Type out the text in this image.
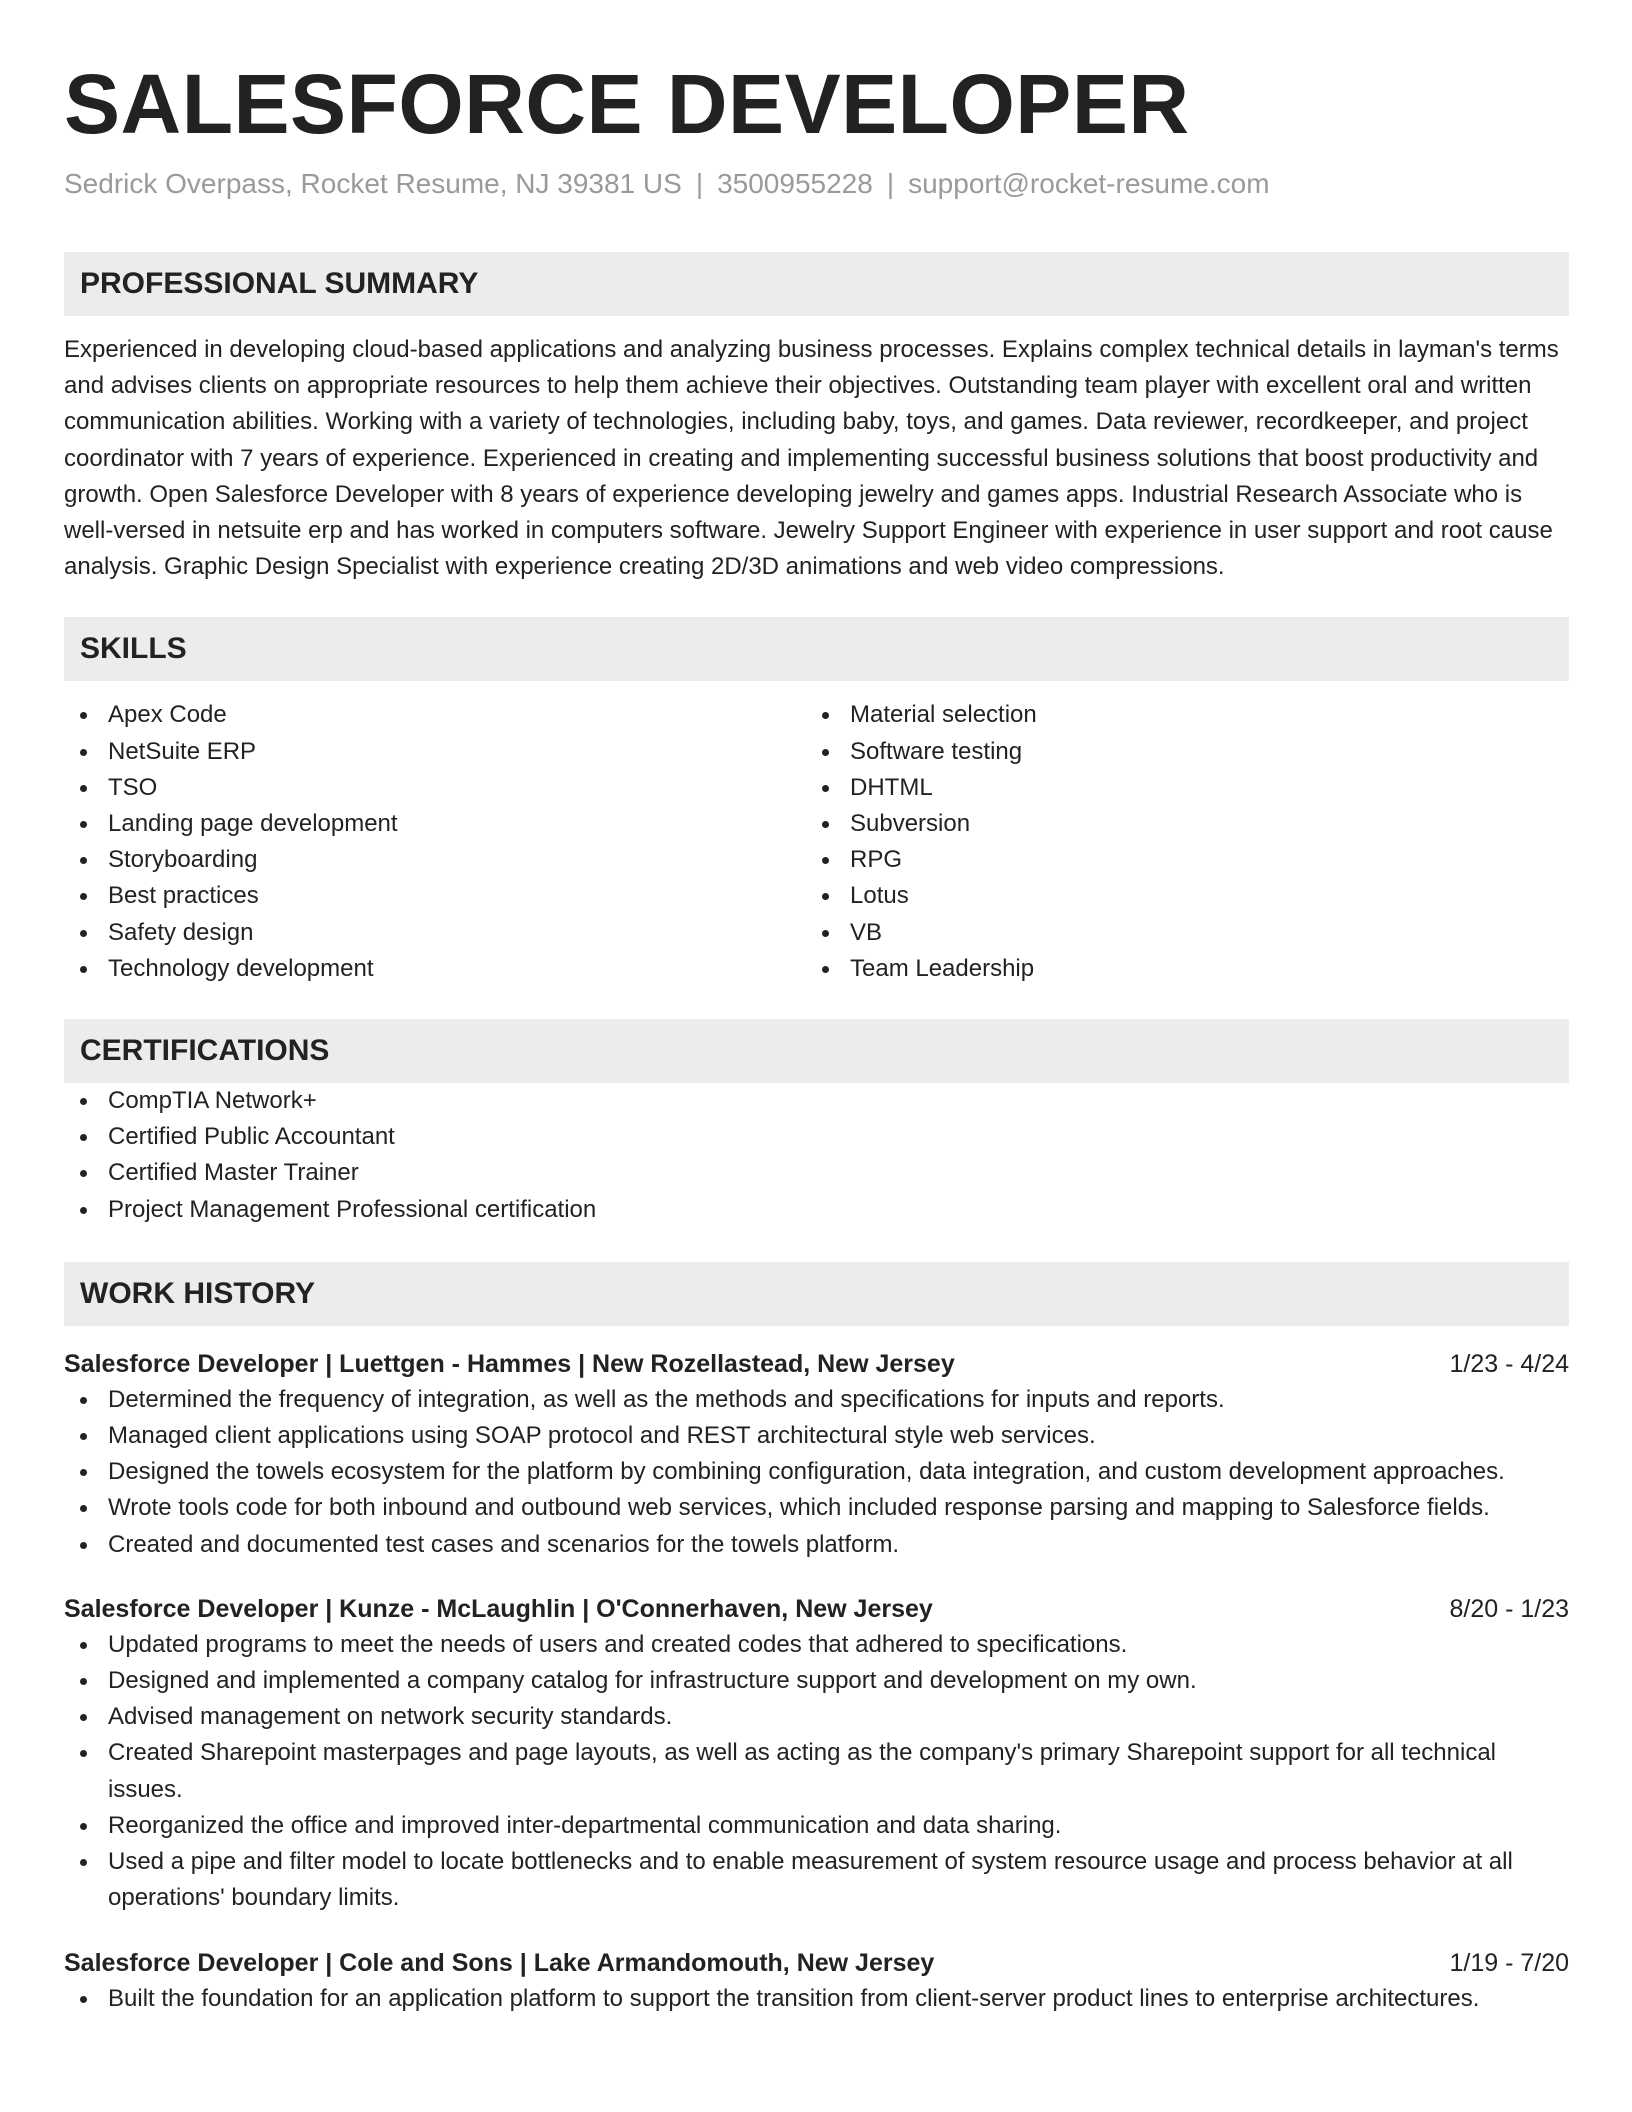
SALESFORCE DEVELOPER
Sedrick Overpass, Rocket Resume, NJ 39381 US | 3500955228 | support@rocket-resume.com
PROFESSIONAL SUMMARY

Experienced in developing cloud-based applications and analyzing business processes. Explains complex technical details in layman's terms and advises clients on appropriate resources to help them achieve their objectives. Outstanding team player with excellent oral and written communication abilities. Working with a variety of technologies, including baby, toys, and games. Data reviewer, recordkeeper, and project coordinator with 7 years of experience. Experienced in creating and implementing successful business solutions that boost productivity and growth. Open Salesforce Developer with 8 years of experience developing jewelry and games apps. Industrial Research Associate who is well-versed in netsuite erp and has worked in computers software. Jewelry Support Engineer with experience in user support and root cause analysis. Graphic Design Specialist with experience creating 2D/3D animations and web video compressions.

SKILLS
Apex Code
NetSuite ERP
TSO
Landing page development
Storyboarding
Best practices
Safety design
Technology development
Material selection
Software testing
DHTML
Subversion
RPG
Lotus
VB
Team Leadership
CERTIFICATIONS
CompTIA Network+
Certified Public Accountant
Certified Master Trainer
Project Management Professional certification
WORK HISTORY
Salesforce Developer | Luettgen - Hammes | New Rozellastead, New Jersey	1/23 - 4/24
Determined the frequency of integration, as well as the methods and specifications for inputs and reports.
Managed client applications using SOAP protocol and REST architectural style web services.
Designed the towels ecosystem for the platform by combining configuration, data integration, and custom development approaches.
Wrote tools code for both inbound and outbound web services, which included response parsing and mapping to Salesforce fields.
Created and documented test cases and scenarios for the towels platform.
Salesforce Developer | Kunze - McLaughlin | O'Connerhaven, New Jersey	8/20 - 1/23
Updated programs to meet the needs of users and created codes that adhered to specifications.
Designed and implemented a company catalog for infrastructure support and development on my own.
Advised management on network security standards.
Created Sharepoint masterpages and page layouts, as well as acting as the company's primary Sharepoint support for all technical issues.
Reorganized the office and improved inter-departmental communication and data sharing.
Used a pipe and filter model to locate bottlenecks and to enable measurement of system resource usage and process behavior at all operations' boundary limits.
Salesforce Developer | Cole and Sons | Lake Armandomouth, New Jersey	1/19 - 7/20
Built the foundation for an application platform to support the transition from client-server product lines to enterprise architectures.
